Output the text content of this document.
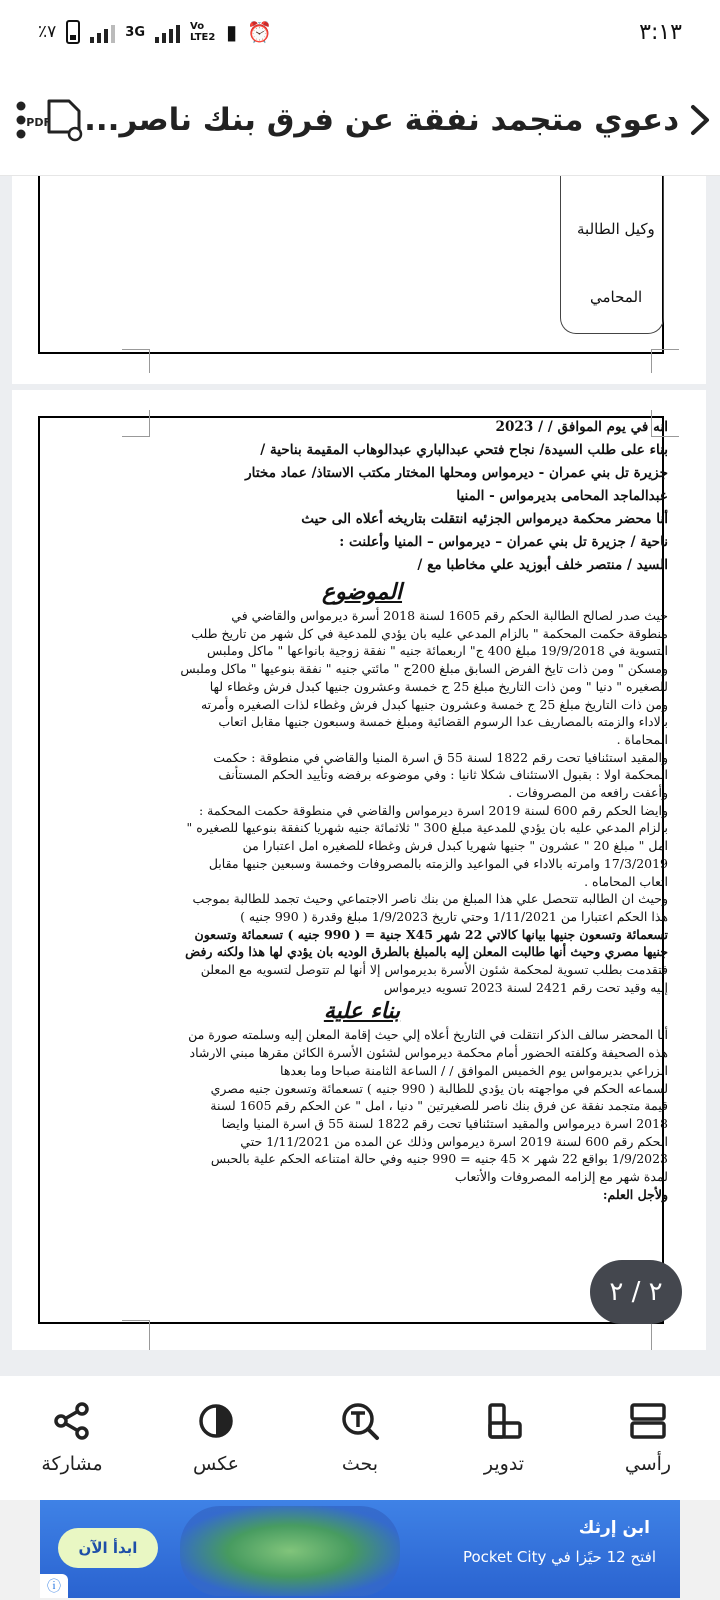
٪٧	3G	Vo LTE2 ▮ ⏰	٣:١٣
دعوي متجمد نفقة عن فرق بنك ناصر...
PDF
وكيل الطالبة
المحامي

انه في يوم الموافق / / 2023

بناء على طلب السيدة/ نجاح فتحي عبدالباري عبدالوهاب المقيمة بناحية /

جزيرة تل بني عمران - ديرمواس ومحلها المختار مكتب الاستاذ/ عماد مختار

عبدالماجد المحامى بديرمواس - المنيا

أنا محضر محكمة ديرمواس الجزئيه انتقلت بتاريخه أعلاه الى حيث

ناحية / جزيرة تل بني عمران – ديرمواس – المنيا وأعلنت :

السيد / منتصر خلف أبوزيد علي مخاطبا مع /

الموضوع

حيث صدر لصالح الطالبة الحكم رقم 1605 لسنة 2018 أسرة ديرمواس والقاضي في

منطوقة حكمت المحكمة " بالزام المدعي عليه بان يؤدي للمدعية في كل شهر من تاريخ طلب

التسوية في 19/9/2018 مبلغ 400 ج" اربعمائة جنيه " نفقة زوجية بانواعها " ماكل وملبس

ومسكن " ومن ذات تايخ الفرض السابق مبلغ 200ج " مائتي جنيه " نفقة بنوعيها " ماكل وملبس

للصغيره " دنيا " ومن ذات التاريخ مبلغ 25 ج خمسة وعشرون جنيها كبدل فرش وغطاء لها

ومن ذات التاريخ مبلغ 25 ج خمسة وعشرون جنيها كبدل فرش وغطاء لذات الصغيره وأمرته

بالاداء والزمته بالمصاريف عدا الرسوم القضائية ومبلغ خمسة وسبعون جنيها مقابل اتعاب

المحاماة .

والمقيد استئنافيا تحت رقم 1822 لسنة 55 ق اسرة المنيا والقاضي في منطوقة : حكمت

المحكمة اولا : بقبول الاستئناف شكلا ثانيا : وفي موضوعه برفضه وتأييد الحكم المستأنف

وأعفت رافعه من المصروفات .

وايضا الحكم رقم 600 لسنة 2019 اسرة ديرمواس والقاضي في منطوقة حكمت المحكمة :

بالزام المدعي عليه بان يؤدي للمدعية مبلغ 300 " ثلاثمائة جنيه شهريا كنفقة بنوعيها للصغيره "

امل " مبلغ 20 " عشرون " جنيها شهريا كبدل فرش وغطاء للصغيره امل اعتبارا من

17/3/2019 وامرته بالاداء في المواعيد والزمته بالمصروفات وخمسة وسبعين جنيها مقابل

اتعاب المحاماه .

وحيث ان الطالبه تتحصل علي هذا المبلغ من بنك ناصر الاجتماعي وحيث تجمد للطالبة بموجب

هذا الحكم اعتبارا من 1/11/2021 وحتي تاريخ 1/9/2023 مبلغ وقدرة ( 990 جنيه )

تسعمائة وتسعون جنيها بيانها كالاتي 22 شهر X45 جنية = ( 990 جنيه ) تسعمائة وتسعون

جنيها مصري وحيث أنها طالبت المعلن إليه بالمبلغ بالطرق الوديه بان يؤدي لها هذا ولكنه رفض

فتقدمت بطلب تسوية لمحكمة شئون الأسرة بديرمواس إلا أنها لم تتوصل لتسويه مع المعلن

إليه وقيد تحت رقم 2421 لسنة 2023 تسويه ديرمواس

بناء علية

أنا المحضر سالف الذكر انتقلت في التاريخ أعلاه إلي حيث إقامة المعلن إليه وسلمته صورة من

هذه الصحيفة وكلفته الحضور أمام محكمة ديرمواس لشئون الأسرة الكائن مقرها مبني الارشاد

الزراعي بديرمواس يوم الخميس الموافق / / الساعة الثامنة صباحا وما بعدها

لسماعه الحكم في مواجهته بان يؤدي للطالبة ( 990 جنيه ) تسعمائة وتسعون جنيه مصري

قيمة متجمد نفقة عن فرق بنك ناصر للصغيرتين " دنيا ، امل " عن الحكم رقم 1605 لسنة

2018 اسرة ديرمواس والمقيد استئنافيا تحت رقم 1822 لسنة 55 ق اسرة المنيا وايضا

الحكم رقم 600 لسنة 2019 اسرة ديرمواس وذلك عن المده من 1/11/2021 حتي

1/9/2023 بواقع 22 شهر × 45 جنيه = 990 جنيه وفي حالة امتناعه الحكم علية بالحبس

لمدة شهر مع إلزامه المصروفات والأتعاب

ولأجل العلم:

٢ / ٢
رأسي
تدوير
بحث
عكس
مشاركة
ابن إرثك
افتح 12 حيًزا في Pocket City
ابدأ الآن
ⓘ
